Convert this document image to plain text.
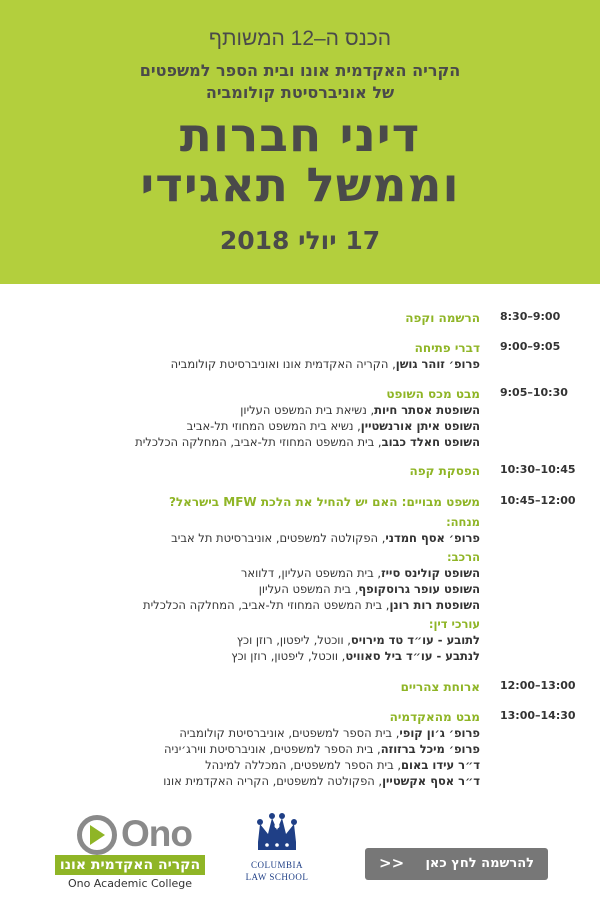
הכנס ה–12 המשותף
הקריה האקדמית אונו ובית הספר למשפטים
של אוניברסיטת קולומביה
דיני חברות
וממשל תאגידי
17 יולי 2018
8:30–9:00
הרשמה וקפה
9:00–9:05
דברי פתיחה
פרופ׳ זוהר גושן, הקריה האקדמית אונו ואוניברסיטת קולומביה
9:05–10:30
מבט מכס השופט
השופטת אסתר חיות, נשיאת בית המשפט העליון
השופט איתן אורנשטיין, נשיא בית המשפט המחוזי תל-אביב
השופט חאלד כבוב, בית המשפט המחוזי תל-אביב, המחלקה הכלכלית
10:30–10:45
הפסקת קפה
10:45–12:00
משפט מבויים: האם יש להחיל את הלכת MFW בישראל?
מנחה:
פרופ׳ אסף חמדני, הפקולטה למשפטים, אוניברסיטת תל אביב
הרכב:
השופט קולינס סייז, בית המשפט העליון, דלוואר
השופט עופר גרוסקופף, בית המשפט העליון
השופטת רות רונן, בית המשפט המחוזי תל-אביב, המחלקה הכלכלית
עורכי דין:
לתובע - עו״ד טד מירויס, ווכטל, ליפטון, רוזן וכץ
לנתבע - עו״ד ביל סאוויט, ווכטל, ליפטון, רוזן וכץ
12:00–13:00
ארוחת צהריים
13:00–14:30
מבט מהאקדמיה
פרופ׳ ג׳ון קופי, בית הספר למשפטים, אוניברסיטת קולומביה
פרופ׳ מיכל ברזוזה, בית הספר למשפטים, אוניברסיטת ווירג׳יניה
ד״ר עידו באום, בית הספר למשפטים, המכללה למינהל
ד״ר אסף אקשטיין, הפקולטה למשפטים, הקריה האקדמית אונו
Ono
הקריה האקדמית אונו
Ono Academic College
COLUMBIA
LAW SCHOOL
להרשמה לחץ כאן
>>
